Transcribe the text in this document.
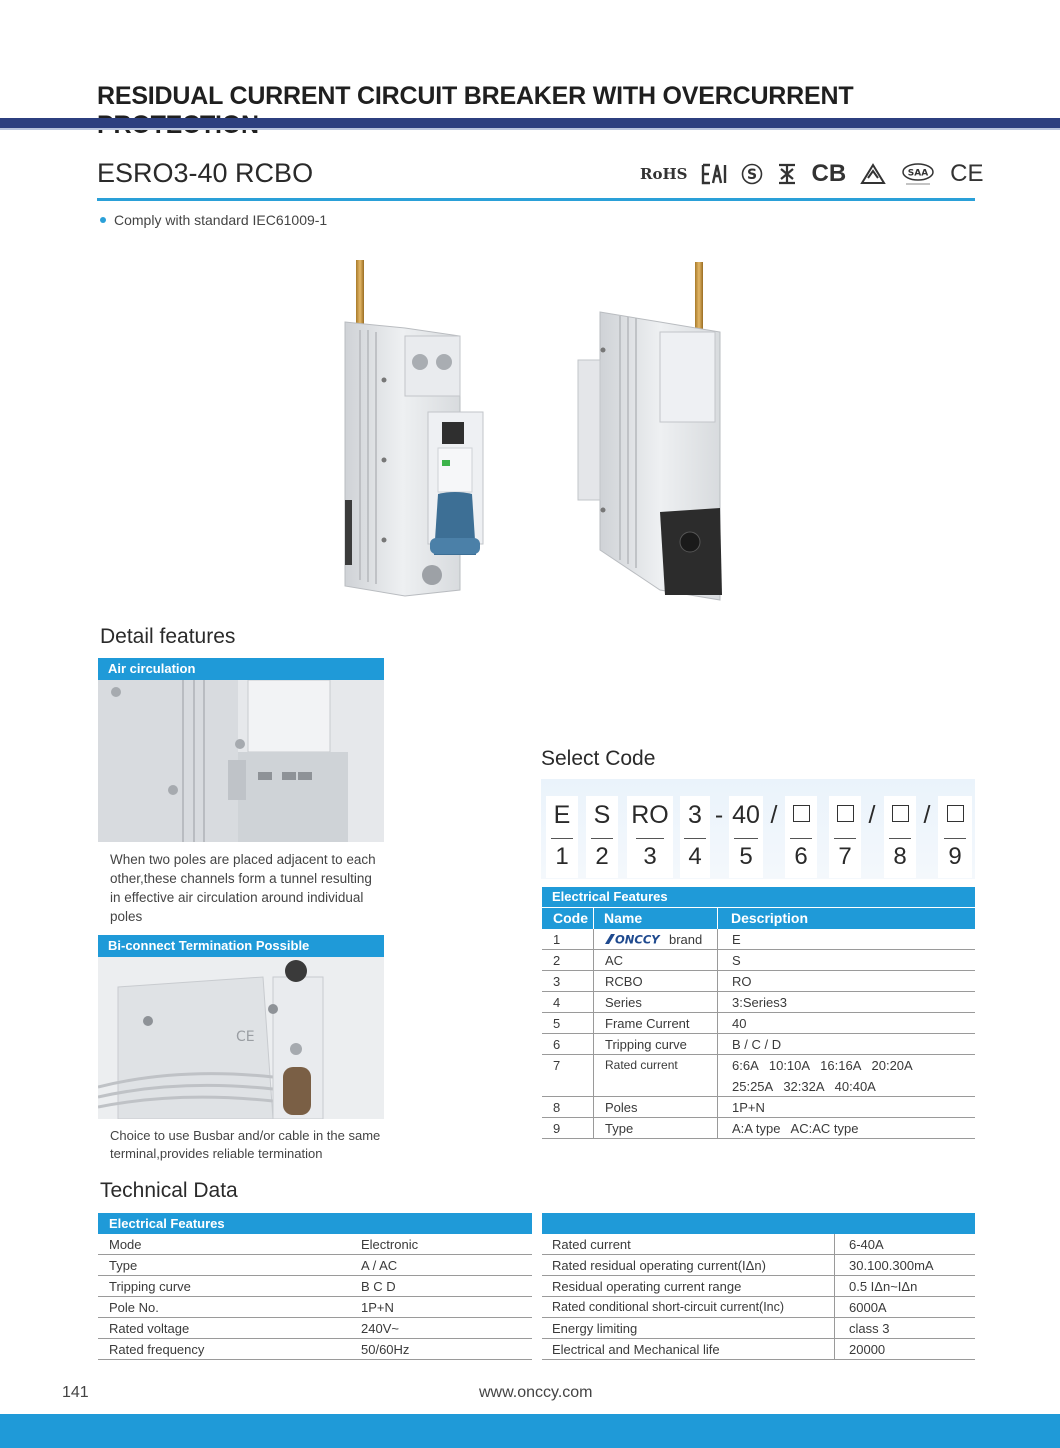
RESIDUAL CURRENT CIRCUIT BREAKER WITH OVERCURRENT
ESRO3-40 RCBO	RoHS	S CB	SAA CE
Comply with standard IEC61009-1
Detail features
Air circulation
When two poles are placed adjacent to each other,these channels form a tunnel resulting in effective air circulation around individual poles
Bi-connect Termination Possible
CE
Choice to use Busbar and/or cable in the same terminal,provides reliable termination
Select Code
E S RO 3 - 40 /	/ /
1	2	3	4	5	6	7	8	9
Electrical Features
Code Name	Description
1	ONCCY brand E
2	AC	S
3	RCBO	RO
4	Series	3:Series3
5	Frame Current	40
6	Tripping curve	B / C / D
7	Rated current	6:6A   10:10A   16:16A   20:20A
25:25A   32:32A   40:40A
8	Poles	1P+N
9	Type	A:A type   AC:AC type
Technical Data
Electrical Features
Mode	Electronic
Type	A / AC
Tripping curve	B C D
Pole No.	1P+N
Rated voltage	240V~
Rated frequency	50/60Hz
Rated current	6-40A
Rated residual operating current(IΔn)	30.100.300mA
Residual operating current range	0.5 IΔn~IΔn
Rated conditional short-circuit current(Inc)	6000A
Energy limiting	class 3
Electrical and Mechanical life	20000
141	www.onccy.com
